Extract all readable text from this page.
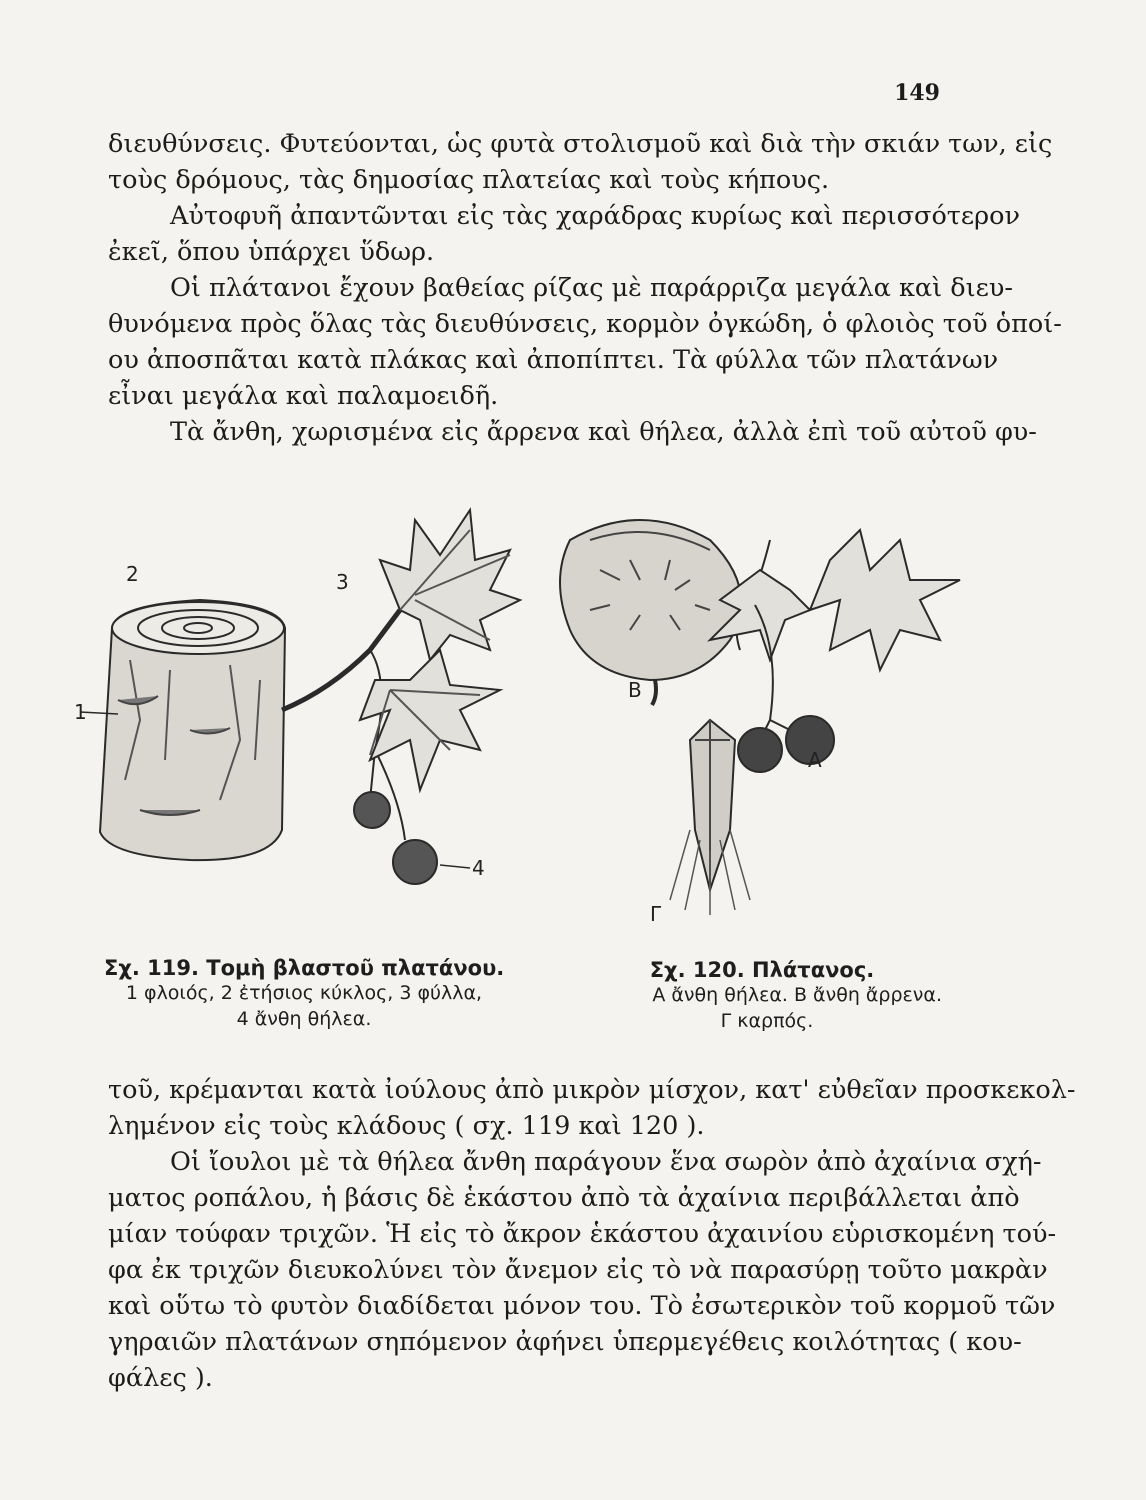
149
διευθύνσεις. Φυτεύονται, ὡς φυτὰ στολισμοῦ καὶ διὰ τὴν σκιάν των, εἰς
τοὺς δρόμους, τὰς δημοσίας πλατείας καὶ τοὺς κήπους.
Αὐτοφυῆ ἀπαντῶνται εἰς τὰς χαράδρας κυρίως καὶ περισσότερον
ἐκεῖ, ὅπου ὑπάρχει ὕδωρ.
Οἱ πλάτανοι ἔχουν βαθείας ρίζας μὲ παράρριζα μεγάλα καὶ διευ-
θυνόμενα πρὸς ὅλας τὰς διευθύνσεις, κορμὸν ὀγκώδη, ὁ φλοιὸς τοῦ ὁποί-
ου ἀποσπᾶται κατὰ πλάκας καὶ ἀποπίπτει. Τὰ φύλλα τῶν πλατάνων
εἶναι μεγάλα καὶ παλαμοειδῆ.
Τὰ ἄνθη, χωρισμένα εἰς ἄρρενα καὶ θήλεα, ἀλλὰ ἐπὶ τοῦ αὐτοῦ φυ-
1
2	3
4
Α
Β
Γ
Σχ. 119. Τομὴ βλαστοῦ πλατάνου.
1 φλοιός, 2 ἐτήσιος κύκλος, 3 φύλλα,
4 ἄνθη θήλεα.
Σχ. 120. Πλάτανος.
Α ἄνθη θήλεα. Β ἄνθη ἄρρενα.
Γ καρπός.
τοῦ, κρέμανται κατὰ ἰούλους ἀπὸ μικρὸν μίσχον, κατ' εὐθεῖαν προσκεκολ-
λημένον εἰς τοὺς κλάδους ( σχ. 119 καὶ 120 ).
Οἱ ἴουλοι μὲ τὰ θήλεα ἄνθη παράγουν ἕνα σωρὸν ἀπὸ ἀχαίνια σχή-
ματος ροπάλου, ἡ βάσις δὲ ἑκάστου ἀπὸ τὰ ἀχαίνια περιβάλλεται ἀπὸ
μίαν τούφαν τριχῶν. Ἡ εἰς τὸ ἄκρον ἑκάστου ἀχαινίου εὑρισκομένη τού-
φα ἐκ τριχῶν διευκολύνει τὸν ἄνεμον εἰς τὸ νὰ παρασύρῃ τοῦτο μακρὰν
καὶ οὕτω τὸ φυτὸν διαδίδεται μόνον του. Τὸ ἐσωτερικὸν τοῦ κορμοῦ τῶν
γηραιῶν πλατάνων σηπόμενον ἀφήνει ὑπερμεγέθεις κοιλότητας ( κου-
φάλες ).
